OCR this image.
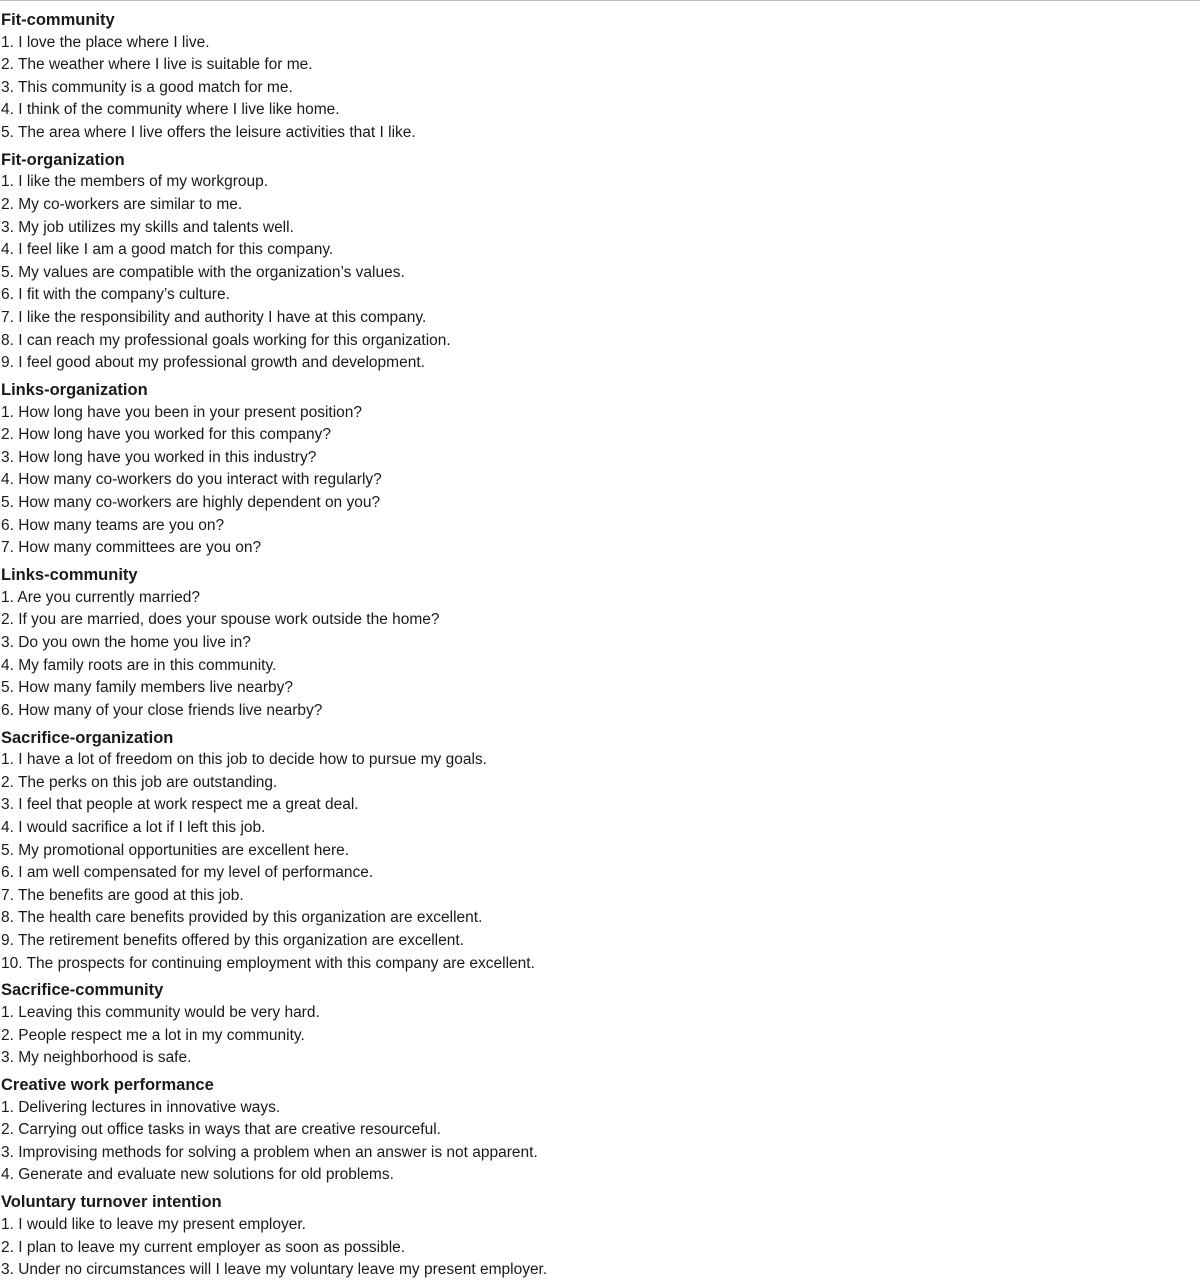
Fit-community
1. I love the place where I live.
2. The weather where I live is suitable for me.
3. This community is a good match for me.
4. I think of the community where I live like home.
5. The area where I live offers the leisure activities that I like.
Fit-organization
1. I like the members of my workgroup.
2. My co-workers are similar to me.
3. My job utilizes my skills and talents well.
4. I feel like I am a good match for this company.
5. My values are compatible with the organization’s values.
6. I fit with the company’s culture.
7. I like the responsibility and authority I have at this company.
8. I can reach my professional goals working for this organization.
9. I feel good about my professional growth and development.
Links-organization
1. How long have you been in your present position?
2. How long have you worked for this company?
3. How long have you worked in this industry?
4. How many co-workers do you interact with regularly?
5. How many co-workers are highly dependent on you?
6. How many teams are you on?
7. How many committees are you on?
Links-community
1. Are you currently married?
2. If you are married, does your spouse work outside the home?
3. Do you own the home you live in?
4. My family roots are in this community.
5. How many family members live nearby?
6. How many of your close friends live nearby?
Sacrifice-organization
1. I have a lot of freedom on this job to decide how to pursue my goals.
2. The perks on this job are outstanding.
3. I feel that people at work respect me a great deal.
4. I would sacrifice a lot if I left this job.
5. My promotional opportunities are excellent here.
6. I am well compensated for my level of performance.
7. The benefits are good at this job.
8. The health care benefits provided by this organization are excellent.
9. The retirement benefits offered by this organization are excellent.
10. The prospects for continuing employment with this company are excellent.
Sacrifice-community
1. Leaving this community would be very hard.
2. People respect me a lot in my community.
3. My neighborhood is safe.
Creative work performance
1. Delivering lectures in innovative ways.
2. Carrying out office tasks in ways that are creative resourceful.
3. Improvising methods for solving a problem when an answer is not apparent.
4. Generate and evaluate new solutions for old problems.
Voluntary turnover intention
1. I would like to leave my present employer.
2. I plan to leave my current employer as soon as possible.
3. Under no circumstances will I leave my voluntary leave my present employer.
